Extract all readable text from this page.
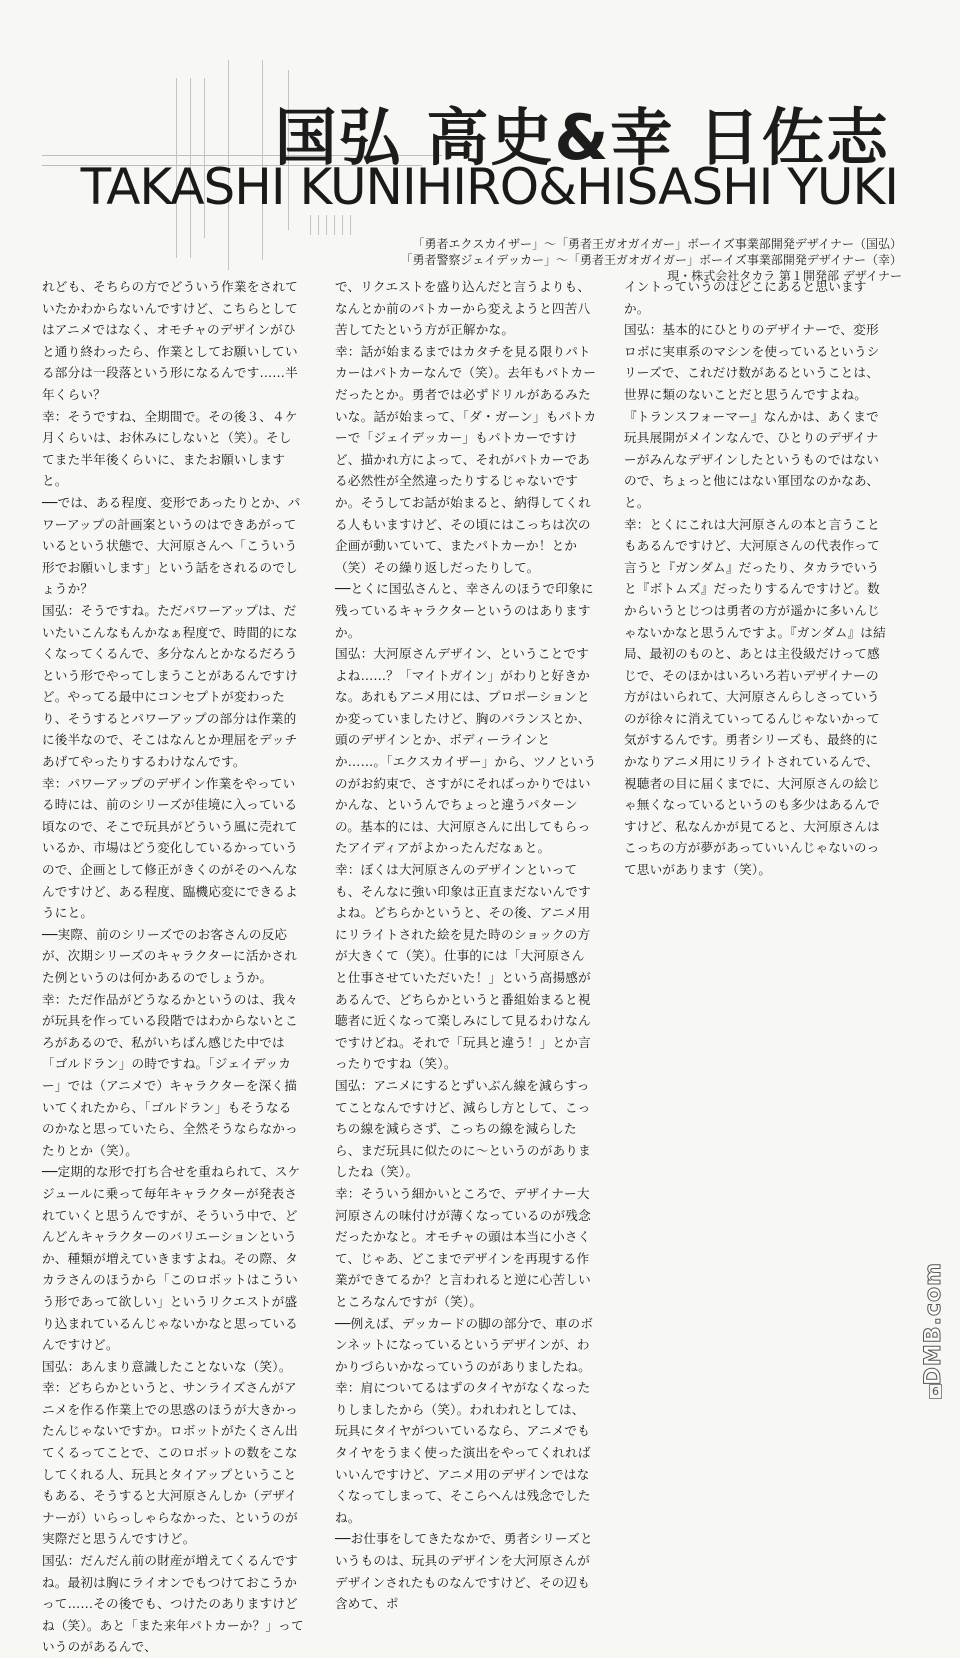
国弘 高史&幸 日佐志
TAKASHI KUNIHIRO&HISASHI YUKI
「勇者エクスカイザー」～「勇者王ガオガイガー」ボーイズ事業部開発デザイナー（国弘）
「勇者警察ジェイデッカー」～「勇者王ガオガイガー」ボーイズ事業部開発デザイナー（幸）
現・株式会社タカラ 第１開発部 デザイナー

れども、そちらの方でどういう作業をされていたかわからないんですけど、こちらとしてはアニメではなく、オモチャのデザインがひと通り終わったら、作業としてお願いしている部分は一段落という形になるんです……半年くらい？

幸：そうですね、全期間で。その後３、４ケ月くらいは、お休みにしないと（笑）。そしてまた半年後くらいに、またお願いしますと。

──では、ある程度、変形であったりとか、パワーアップの計画案というのはできあがっているという状態で、大河原さんへ「こういう形でお願いします」という話をされるのでしょうか？

国弘：そうですね。ただパワーアップは、だいたいこんなもんかなぁ程度で、時間的になくなってくるんで、多分なんとかなるだろうという形でやってしまうことがあるんですけど。やってる最中にコンセプトが変わったり、そうするとパワーアップの部分は作業的に後半なので、そこはなんとか理屈をデッチあげてやったりするわけなんです。

幸：パワーアップのデザイン作業をやっている時には、前のシリーズが佳境に入っている頃なので、そこで玩具がどういう風に売れているか、市場はどう変化しているかっていうので、企画として修正がきくのがそのへんなんですけど、ある程度、臨機応変にできるようにと。

──実際、前のシリーズでのお客さんの反応が、次期シリーズのキャラクターに活かされた例というのは何かあるのでしょうか。

幸：ただ作品がどうなるかというのは、我々が玩具を作っている段階ではわからないところがあるので、私がいちばん感じた中では「ゴルドラン」の時ですね。「ジェイデッカー」では（アニメで）キャラクターを深く描いてくれたから、「ゴルドラン」もそうなるのかなと思っていたら、全然そうならなかったりとか（笑）。

──定期的な形で打ち合せを重ねられて、スケジュールに乗って毎年キャラクターが発表されていくと思うんですが、そういう中で、どんどんキャラクターのバリエーションというか、種類が増えていきますよね。その際、タカラさんのほうから「このロボットはこういう形であって欲しい」というリクエストが盛り込まれているんじゃないかなと思っているんですけど。

国弘：あんまり意識したことないな（笑）。

幸：どちらかというと、サンライズさんがアニメを作る作業上での思惑のほうが大きかったんじゃないですか。ロボットがたくさん出てくるってことで、このロボットの数をこなしてくれる人、玩具とタイアップということもある、そうすると大河原さんしか（デザイナーが）いらっしゃらなかった、というのが実際だと思うんですけど。

国弘：だんだん前の財産が増えてくるんですね。最初は胸にライオンでもつけておこうかって……その後でも、つけたのありますけどね（笑）。あと「また来年パトカーか？」っていうのがあるんで、

で、リクエストを盛り込んだと言うよりも、なんとか前のパトカーから変えようと四苦八苦してたという方が正解かな。

幸：話が始まるまではカタチを見る限りパトカーはパトカーなんで（笑）。去年もパトカーだったとか。勇者では必ずドリルがあるみたいな。話が始まって、「ダ・ガーン」もパトカーで「ジェイデッカー」もパトカーですけど、描かれ方によって、それがパトカーである必然性が全然違ったりするじゃないですか。そうしてお話が始まると、納得してくれる人もいますけど、その頃にはこっちは次の企画が動いていて、またパトカーか！とか（笑）その繰り返しだったりして。

──とくに国弘さんと、幸さんのほうで印象に残っているキャラクターというのはありますか。

国弘：大河原さんデザイン、ということですよね……？「マイトガイン」がわりと好きかな。あれもアニメ用には、プロポーションとか変っていましたけど、胸のバランスとか、頭のデザインとか、ボディーラインとか……。「エクスカイザー」から、ツノというのがお約束で、さすがにそればっかりではいかんな、というんでちょっと違うパターンの。基本的には、大河原さんに出してもらったアイディアがよかったんだなぁと。

幸：ぼくは大河原さんのデザインといっても、そんなに強い印象は正直まだないんですよね。どちらかというと、その後、アニメ用にリライトされた絵を見た時のショックの方が大きくて（笑）。仕事的には「大河原さんと仕事させていただいた！」という高揚感があるんで、どちらかというと番組始まると視聴者に近くなって楽しみにして見るわけなんですけどね。それで「玩具と違う！」とか言ったりですね（笑）。

国弘：アニメにするとずいぶん線を減らすってことなんですけど、減らし方として、こっちの線を減らさず、こっちの線を減らしたら、まだ玩具に似たのに～というのがありましたね（笑）。

幸：そういう細かいところで、デザイナー大河原さんの味付けが薄くなっているのが残念だったかなと。オモチャの頭は本当に小さくて、じゃあ、どこまでデザインを再現する作業ができてるか？と言われると逆に心苦しいところなんですが（笑）。

──例えば、デッカードの脚の部分で、車のボンネットになっているというデザインが、わかりづらいかなっていうのがありましたね。

幸：肩についてるはずのタイヤがなくなったりしましたから（笑）。われわれとしては、玩具にタイヤがついているなら、アニメでもタイヤをうまく使った演出をやってくれればいいんですけど、アニメ用のデザインではなくなってしまって、そこらへんは残念でしたね。

──お仕事をしてきたなかで、勇者シリーズというものは、玩具のデザインを大河原さんがデザインされたものなんですけど、その辺も含めて、ポ

イントっていうのはどこにあると思いますか。

国弘：基本的にひとりのデザイナーで、変形ロボに実車系のマシンを使っているというシリーズで、これだけ数があるということは、世界に類のないことだと思うんですよね。『トランスフォーマー』なんかは、あくまで玩具展開がメインなんで、ひとりのデザイナーがみんなデザインしたというものではないので、ちょっと他にはない軍団なのかなあ、と。

幸：とくにこれは大河原さんの本と言うこともあるんですけど、大河原さんの代表作って言うと『ガンダム』だったり、タカラでいうと『ボトムズ』だったりするんですけど。数からいうとじつは勇者の方が遥かに多いんじゃないかなと思うんですよ。『ガンダム』は結局、最初のものと、あとは主役級だけって感じで、そのほかはいろいろ若いデザイナーの方がはいられて、大河原さんらしさっていうのが徐々に消えていってるんじゃないかって気がするんです。勇者シリーズも、最終的にかなりアニメ用にリライトされているんで、視聴者の目に届くまでに、大河原さんの絵じゃ無くなっているというのも多少はあるんですけど、私なんかが見てると、大河原さんはこっちの方が夢があっていいんじゃないのって思いがあります（笑）。

DMB.com
6
